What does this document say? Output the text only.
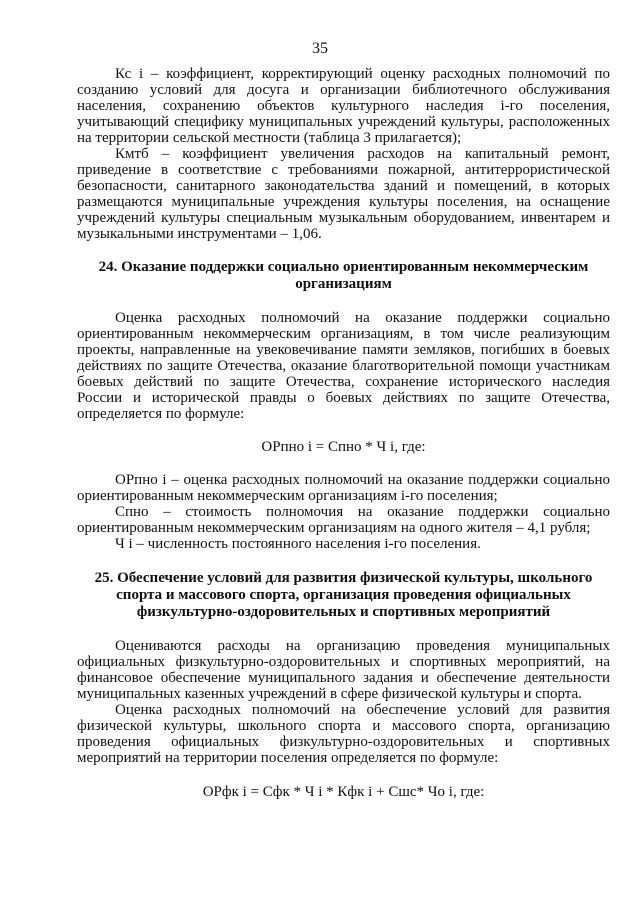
35

Кс i – коэффициент, корректирующий оценку расходных полномочий по созданию условий для досуга и организации библиотечного обслуживания населения, сохранению объектов культурного наследия i-го поселения, учитывающий специфику муниципальных учреждений культуры, расположенных на территории сельской местности (таблица 3 прилагается);

Кмтб – коэффициент увеличения расходов на капитальный ремонт, приведение в соответствие с требованиями пожарной, антитеррористической безопасности, санитарного законодательства зданий и помещений, в которых размещаются муниципальные учреждения культуры поселения, на оснащение учреждений культуры специальным музыкальным оборудованием, инвентарем и музыкальными инструментами – 1,06.

24. Оказание поддержки социально ориентированным некоммерческим организациям

Оценка расходных полномочий на оказание поддержки социально ориентированным некоммерческим организациям, в том числе реализующим проекты, направленные на увековечивание памяти земляков, погибших в боевых действиях по защите Отечества, оказание благотворительной помощи участникам боевых действий по защите Отечества, сохранение исторического наследия России и исторической правды о боевых действиях по защите Отечества, определяется по формуле:

ОРпно i = Спно * Ч i, где:

ОРпно i – оценка расходных полномочий на оказание поддержки социально ориентированным некоммерческим организациям i-го поселения;

Спно – стоимость полномочия на оказание поддержки социально ориентированным некоммерческим организациям на одного жителя – 4,1 рубля;

Ч i – численность постоянного населения i-го поселения.

25. Обеспечение условий для развития физической культуры, школьного спорта и массового спорта, организация проведения официальных физкультурно-оздоровительных и спортивных мероприятий

Оцениваются расходы на организацию проведения муниципальных официальных физкультурно-оздоровительных и спортивных мероприятий, на финансовое обеспечение муниципального задания и обеспечение деятельности муниципальных казенных учреждений в сфере физической культуры и спорта.

Оценка расходных полномочий на обеспечение условий для развития физической культуры, школьного спорта и массового спорта, организацию проведения официальных физкультурно-оздоровительных и спортивных мероприятий на территории поселения определяется по формуле:

ОРфк i = Сфк * Ч i * Кфк i + Сшс* Чо i, где:
